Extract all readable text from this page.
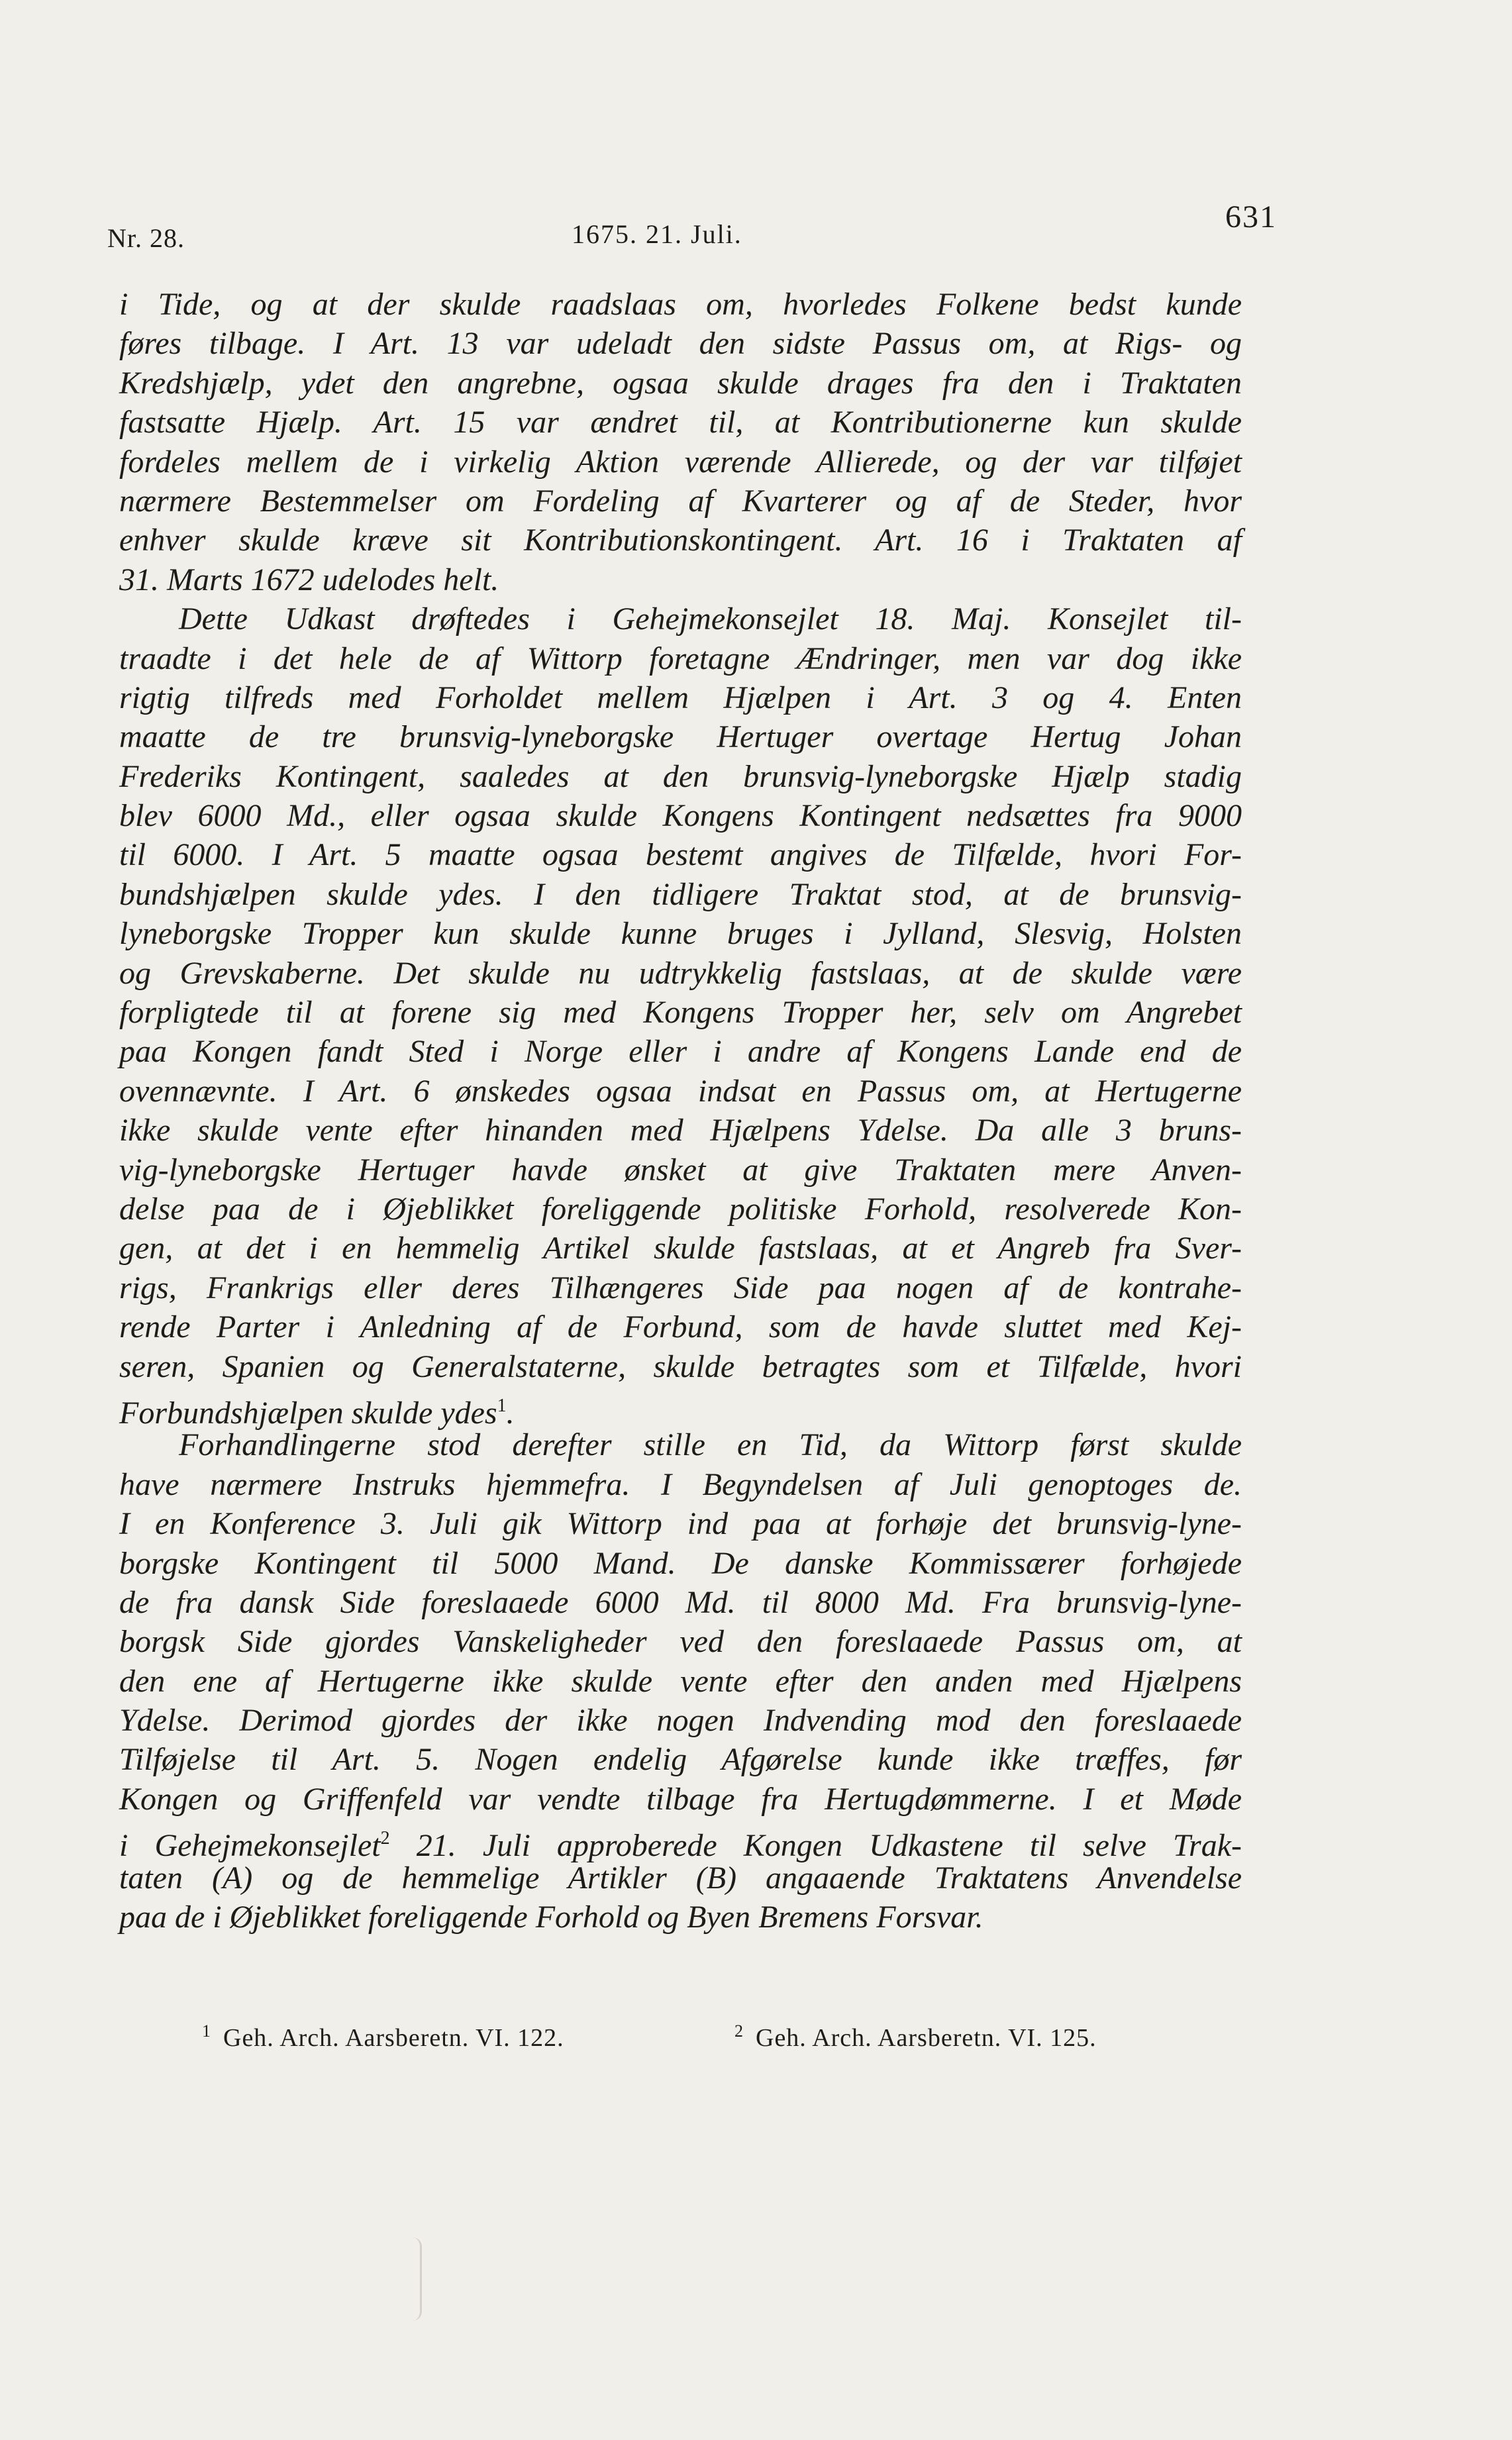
Nr. 28.	1675. 21. Juli.	631
i Tide, og at der skulde raadslaas om, hvorledes Folkene bedst kunde
føres tilbage. I Art. 13 var udeladt den sidste Passus om, at Rigs- og
Kredshjælp, ydet den angrebne, ogsaa skulde drages fra den i Traktaten
fastsatte Hjælp. Art. 15 var ændret til, at Kontributionerne kun skulde
fordeles mellem de i virkelig Aktion værende Allierede, og der var tilføjet
nærmere Bestemmelser om Fordeling af Kvarterer og af de Steder, hvor
enhver skulde kræve sit Kontributionskontingent. Art. 16 i Traktaten af
31. Marts 1672 udelodes helt.
Dette Udkast drøftedes i Gehejmekonsejlet 18. Maj. Konsejlet til-
traadte i det hele de af Wittorp foretagne Ændringer, men var dog ikke
rigtig tilfreds med Forholdet mellem Hjælpen i Art. 3 og 4. Enten
maatte de tre brunsvig-lyneborgske Hertuger overtage Hertug Johan
Frederiks Kontingent, saaledes at den brunsvig-lyneborgske Hjælp stadig
blev 6000 Md., eller ogsaa skulde Kongens Kontingent nedsættes fra 9000
til 6000. I Art. 5 maatte ogsaa bestemt angives de Tilfælde, hvori For-
bundshjælpen skulde ydes. I den tidligere Traktat stod, at de brunsvig-
lyneborgske Tropper kun skulde kunne bruges i Jylland, Slesvig, Holsten
og Grevskaberne. Det skulde nu udtrykkelig fastslaas, at de skulde være
forpligtede til at forene sig med Kongens Tropper her, selv om Angrebet
paa Kongen fandt Sted i Norge eller i andre af Kongens Lande end de
ovennævnte. I Art. 6 ønskedes ogsaa indsat en Passus om, at Hertugerne
ikke skulde vente efter hinanden med Hjælpens Ydelse. Da alle 3 bruns-
vig-lyneborgske Hertuger havde ønsket at give Traktaten mere Anven-
delse paa de i Øjeblikket foreliggende politiske Forhold, resolverede Kon-
gen, at det i en hemmelig Artikel skulde fastslaas, at et Angreb fra Sver-
rigs, Frankrigs eller deres Tilhængeres Side paa nogen af de kontrahe-
rende Parter i Anledning af de Forbund, som de havde sluttet med Kej-
seren, Spanien og Generalstaterne, skulde betragtes som et Tilfælde, hvori
Forbundshjælpen skulde ydes$^1$.
Forhandlingerne stod derefter stille en Tid, da Wittorp først skulde
have nærmere Instruks hjemmefra. I Begyndelsen af Juli genoptoges de.
I en Konference 3. Juli gik Wittorp ind paa at forhøje det brunsvig-lyne-
borgske Kontingent til 5000 Mand. De danske Kommissærer forhøjede
de fra dansk Side foreslaaede 6000 Md. til 8000 Md. Fra brunsvig-lyne-
borgsk Side gjordes Vanskeligheder ved den foreslaaede Passus om, at
den ene af Hertugerne ikke skulde vente efter den anden med Hjælpens
Ydelse. Derimod gjordes der ikke nogen Indvending mod den foreslaaede
Tilføjelse til Art. 5. Nogen endelig Afgørelse kunde ikke træffes, før
Kongen og Griffenfeld var vendte tilbage fra Hertugdømmerne. I et Møde
i Gehejmekonsejlet$^2$ 21. Juli approberede Kongen Udkastene til selve Trak-
taten (A) og de hemmelige Artikler (B) angaaende Traktatens Anvendelse
paa de i Øjeblikket foreliggende Forhold og Byen Bremens Forsvar.
$^1$ Geh. Arch. Aarsberetn. VI. 122.	$^2$ Geh. Arch. Aarsberetn. VI. 125.
